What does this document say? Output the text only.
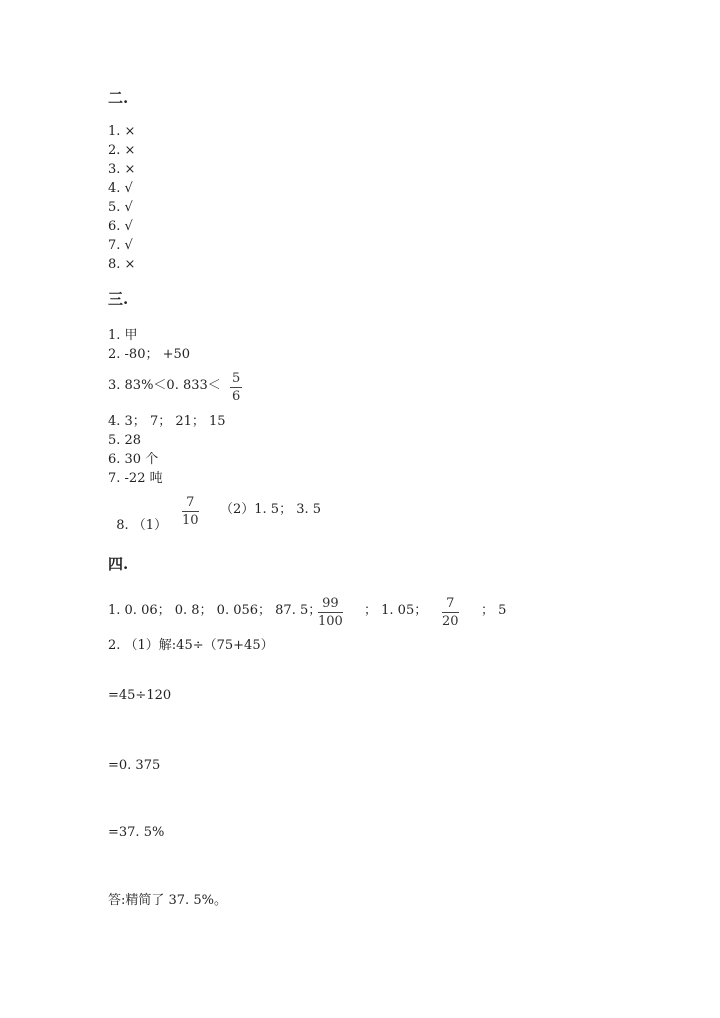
二.
1. ×
2. ×
3. ×
4. √
5. √
6. √
7. √
8. ×
三.
1. 甲
2. -80； +50
3. 83%＜0. 833＜ 5
6
4. 3； 7； 21； 15
5. 28
6. 30 个
7. -22 吨

8. （1）

7
10
（2）1. 5； 3. 5
四.
1. 0. 06； 0. 8； 0. 056； 87. 5； 99
100
； 1. 05； 7
20
； 5
2. （1）解:45÷（75+45）
=45÷120
=0. 375
=37. 5%
答:精简了 37. 5%。
